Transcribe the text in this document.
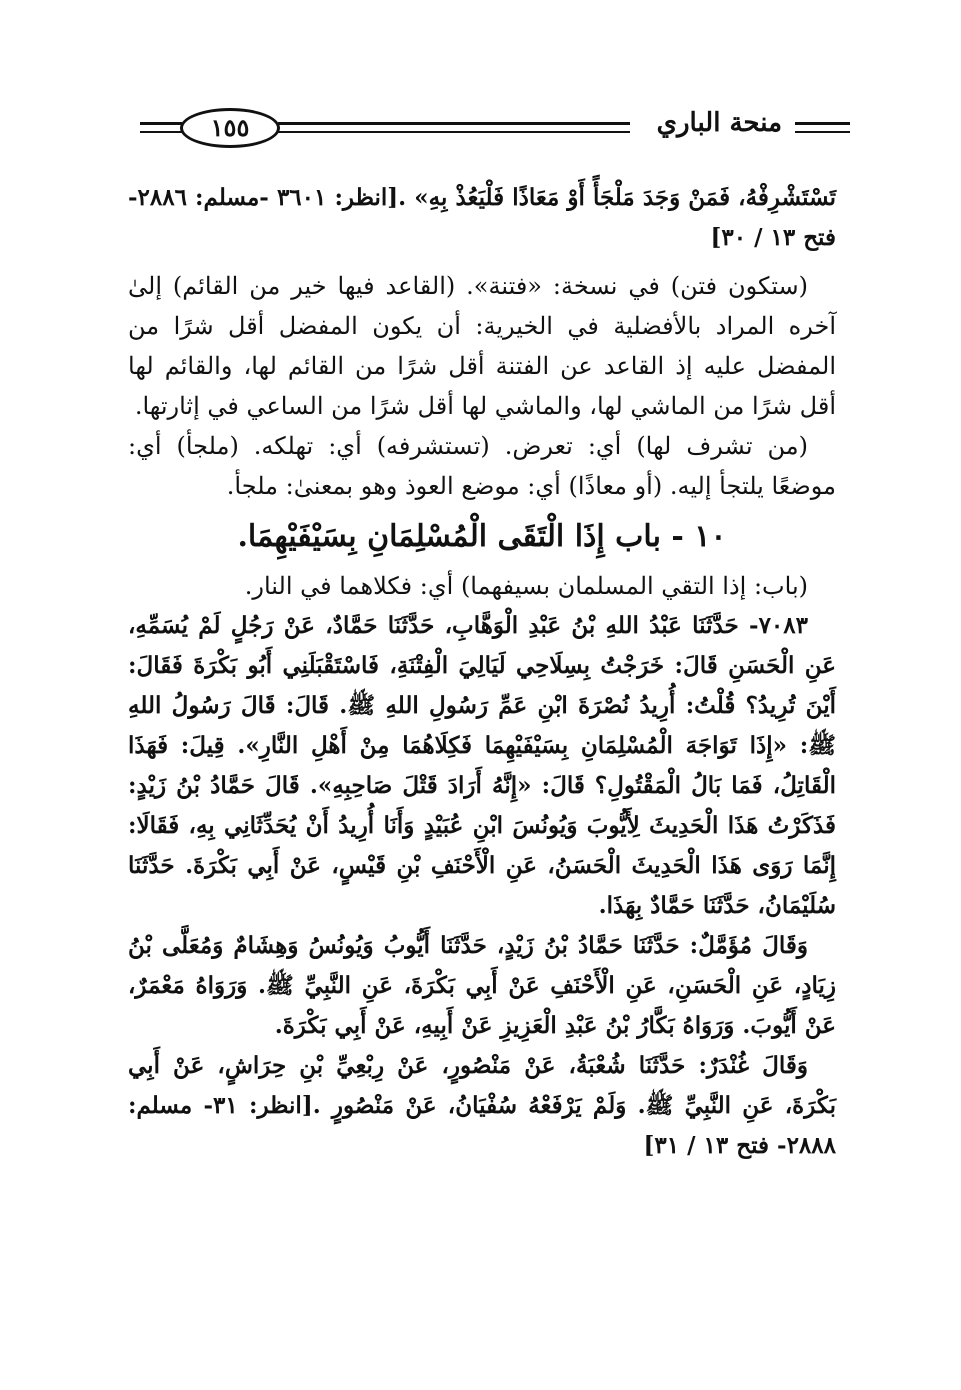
١٥٥	منحة الباري

تَسْتَشْرِفْهُ، فَمَنْ وَجَدَ مَلْجَأً أَوْ مَعَاذًا فَلْيَعُذْ بِهِ» .[انظر: ٣٦٠١ -مسلم: ٢٨٨٦- فتح ١٣ / ٣٠]

(ستكون فتن) في نسخة: «فتنة». (القاعد فيها خير من القائم) إلىٰ آخره المراد بالأفضلية في الخيرية: أن يكون المفضل أقل شرًا من المفضل عليه إذ القاعد عن الفتنة أقل شرًا من القائم لها، والقائم لها أقل شرًا من الماشي لها، والماشي لها أقل شرًا من الساعي في إثارتها.

(من تشرف لها) أي: تعرض. (تستشرفه) أي: تهلكه. (ملجأ) أي: موضعًا يلتجأ إليه. (أو معاذًا) أي: موضع العوذ وهو بمعنىٰ: ملجأ.

١٠ - باب إِذَا الْتَقَى الْمُسْلِمَانِ بِسَيْفَيْهِمَا.

(باب: إذا التقي المسلمان بسيفهما) أي: فكلاهما في النار.

٧٠٨٣- حَدَّثَنَا عَبْدُ اللهِ بْنُ عَبْدِ الْوَهَّابِ، حَدَّثَنَا حَمَّادٌ، عَنْ رَجُلٍ لَمْ يُسَمِّهِ، عَنِ الْحَسَنِ قَالَ: خَرَجْتُ بِسِلَاحِي لَيَالِيَ الْفِتْنَةِ، فَاسْتَقْبَلَنِي أَبُو بَكْرَةَ فَقَالَ: أَيْنَ تُرِيدُ؟ قُلْتُ: أُرِيدُ نُصْرَةَ ابْنِ عَمِّ رَسُولِ اللهِ ﷺ. قَالَ: قَالَ رَسُولُ اللهِ ﷺ: «إِذَا تَوَاجَهَ الْمُسْلِمَانِ بِسَيْفَيْهِمَا فَكِلَاهُمَا مِنْ أَهْلِ النَّارِ». قِيلَ: فَهَذَا الْقَاتِلُ، فَمَا بَالُ الْمَقْتُولِ؟ قَالَ: «إِنَّهُ أَرَادَ قَتْلَ صَاحِبِهِ». قَالَ حَمَّادُ بْنُ زَيْدٍ: فَذَكَرْتُ هَذَا الْحَدِيثَ لِأَيُّوبَ وَيُونُسَ ابْنِ عُبَيْدٍ وَأَنَا أُرِيدُ أَنْ يُحَدِّثَانِي بِهِ، فَقَالَا: إِنَّمَا رَوَى هَذَا الْحَدِيثَ الْحَسَنُ، عَنِ الْأَحْنَفِ بْنِ قَيْسٍ، عَنْ أَبِي بَكْرَةَ. حَدَّثَنَا سُلَيْمَانُ، حَدَّثَنَا حَمَّادٌ بِهَذَا.

وَقَالَ مُؤَمَّلٌ: حَدَّثَنَا حَمَّادُ بْنُ زَيْدٍ، حَدَّثَنَا أَيُّوبُ وَيُونُسُ وَهِشَامٌ وَمُعَلَّى بْنُ زِيَادٍ، عَنِ الْحَسَنِ، عَنِ الْأَحْنَفِ عَنْ أَبِي بَكْرَةَ، عَنِ النَّبِيِّ ﷺ. وَرَوَاهُ مَعْمَرٌ، عَنْ أَيُّوبَ. وَرَوَاهُ بَكَّارُ بْنُ عَبْدِ الْعَزِيزِ عَنْ أَبِيهِ، عَنْ أَبِي بَكْرَةَ.

وَقَالَ غُنْدَرٌ: حَدَّثَنَا شُعْبَةُ، عَنْ مَنْصُورٍ، عَنْ رِبْعِيِّ بْنِ حِرَاشٍ، عَنْ أَبِي بَكْرَةَ، عَنِ النَّبِيِّ ﷺ. وَلَمْ يَرْفَعْهُ سُفْيَانُ، عَنْ مَنْصُورٍ .[انظر: ٣١- مسلم: ٢٨٨٨- فتح ١٣ / ٣١]
